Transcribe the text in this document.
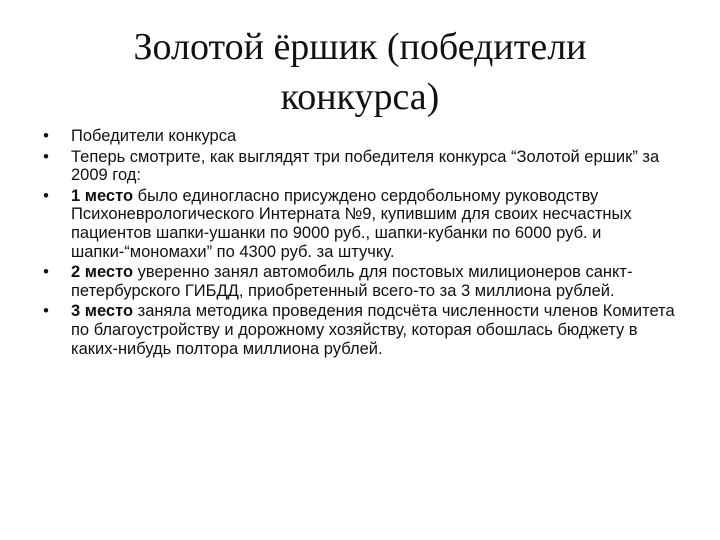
Золотой ёршик (победители
конкурса)
•	Победители конкурса
•	Теперь смотрите, как выглядят три победителя конкурса “Золотой ершик” за 2009 год:
•	1 место было единогласно присуждено сердобольному руководству Психоневрологического Интерната №9, купившим для своих несчастных пациентов шапки-ушанки по 9000 руб., шапки-кубанки по 6000 руб. и шапки-“мономахи” по 4300 руб. за штучку.
•	2 место уверенно занял автомобиль для постовых милиционеров санкт-петербурского ГИБДД, приобретенный всего-то за 3 миллиона рублей.
•	3 место заняла методика проведения подсчёта численности членов Комитета по благоустройству и дорожному хозяйству, которая обошлась бюджету в каких-нибудь полтора миллиона рублей.
